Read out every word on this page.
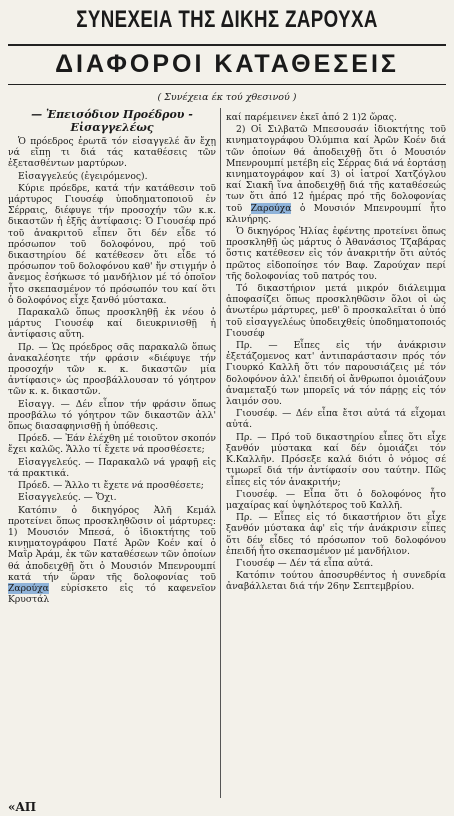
ΣΥΝΕΧΕΙΑ ΤΗΣ ΔΙΚΗΣ ΖΑΡΟΥΧΑ
ΔΙΑΦΟΡΟΙ ΚΑΤΑΘΕΣΕΙΣ
( Συνέχεια έκ τού χθεσινού )

— Ἐπεισόδιον Προέδρου - Εἰσαγγελέως

Ὁ πρόεδρος ἐρωτᾶ τόν εἰσαγγελέ ἄν ἔχῃ νά εἴπῃ τι διά τάς καταθέσεις τῶν ἐξετασθέντων μαρτύρων.

Εἰσαγγελεύς (ἐγειρόμενος).

Κύριε πρόεδρε, κατά τήν κατάθεσιν τοῦ μάρτυρος Γιουσέφ ὑποδηματοποιοῦ ἐν Σέρραις, διέφυγε τήν προσοχήν τῶν κ.κ. δικαστῶν ἡ ἑξῆς ἀντίφασις: Ὁ Γιουσέφ πρό τοῦ ἀνακριτοῦ εἶπεν ὅτι δέν εἶδε τό πρόσωπον τοῦ δολοφόνου, πρό τοῦ δικαστηρίου δέ κατέθεσεν ὅτι εἶδε τό πρόσωπον τοῦ δολοφόνου καθ' ἥν στιγμήν ὁ ἄνεμος ἐσήκωσε τό μανδήλιον μέ τό ὁποῖον ἦτο σκεπασμένον τό πρόσωπόν του καί ὅτι ὁ δολοφόνος εἶχε ξανθό μύστακα.

Παρακαλῶ ὅπως προσκληθῇ ἐκ νέου ὁ μάρτυς Γιουσέφ καί διευκρινισθῇ ἡ ἀντίφασις αὕτη.

Πρ. — Ὡς πρόεδρος σᾶς παρακαλῶ ὅπως ἀνακαλέσητε τήν φράσιν «διέφυγε τήν προσοχήν τῶν κ. κ. δικαστῶν μία ἀντίφασις» ὡς προσβάλλουσαν τό γόητρον τῶν κ. κ. δικαστῶν.

Εἰσαγγ. — Δέν εἶπον τήν φράσιν ὅπως προσβάλω τό γόητρον τῶν δικαστῶν ἀλλ' ὅπως διασαφηνισθῇ ἡ ὑπόθεσις.

Πρόεδ. — Ἐάν ἐλέχθη μέ τοιοῦτον σκοπόν ἔχει καλῶς. Ἄλλο τί ἔχετε νά προσθέσετε;

Εἰσαγγελεύς. — Παρακαλῶ νά γραφῇ εἰς τά πρακτικά.

Πρόεδ. — Ἄλλο τι ἔχετε νά προσθέσετε;

Εἰσαγγελεύς. — Ὄχι.

Κατόπιν ὁ δικηγόρος Ἀλῆ Κεμάλ προτείνει ὅπως προσκληθῶσιν οἱ μάρτυρες: 1) Μουσιόν Μπεσά, ὁ ἰδιοκτήτης τοῦ κινηματογράφου Πατέ Ἀρῶν Κοέν καί ὁ Μαῒρ Ἀράμ, ἐκ τῶν καταθέσεων τῶν ὁποίων θά ἀποδειχθῇ ὅτι ὁ Μουσιόν Μπενρουμπί κατά τήν ὥραν τῆς δολοφονίας τοῦ Ζαρούχα εὑρίσκετο εἰς τό καφενεῖον Κρυστάλ

καί παρέμεινεν ἐκεῖ ἀπό 2 1)2 ὥρας.

2) Οἱ Σιλβατῶ Μπεσουσάν ἰδιοκτήτης τοῦ κινηματογράφου Ὀλύμπια καί Ἀρῶν Κοέν διά τῶν ὁποίων θά ἀποδειχθῇ ὅτι ὁ Μουσιόν Μπενρουμπί μετέβη εἰς Σέρρας διά νά ἐορτάσῃ κινηματογράφον καί 3) οἱ ἰατροί Χατζόγλου καί Σιακῆ ἵνα ἀποδειχθῇ διά τῆς καταθέσεώς των ὅτι ἀπό 12 ἡμέρας πρό τῆς δολοφονίας τοῦ Ζαρούχα ὁ Μουσιόν Μπενρουμπί ἦτο κλινήρης.

Ὁ δικηγόρος Ἠλίας ἐφέντης προτείνει ὅπως προσκληθῇ ὡς μάρτυς ὁ Ἀθανάσιος Τζαβάρας ὅστις κατέθεσεν εἰς τόν ἀνακριτήν ὅτι αὐτός πρῶτος εἰδοποίησε τόν Βαφ. Ζαρούχαν περί τῆς δολοφονίας τοῦ πατρός του.

Τό δικαστήριον μετά μικρόν διάλειμμα ἀποφασίζει ὅπως προσκληθῶσιν ὅλοι οἱ ὡς ἀνωτέρω μάρτυρες, μεθ' ὃ προσκαλεῖται ὁ ὑπό τοῦ εἰσαγγελέως ὑποδειχθείς ὑποδηματοποιός Γιουσέφ

Πρ. — Εἶπες εἰς τήν ἀνάκρισιν ἐξετάζομενος κατ' ἀντιπαράστασιν πρός τόν Γιουρκό Καλλῆ ὅτι τόν παρουσιάζεις μέ τόν δολοφόνον ἀλλ' ἐπειδή οἱ ἄνθρωποι ὁμοιάζουν ἀναμεταξύ των μπορεῖς νά τόν πάρῃς εἰς τόν λαιμόν σου.

Γιουσέφ. — Δέν εἶπα ἔτσι αὐτά τά εἶχομαι αὐτά.

Πρ. — Πρό τοῦ δικαστηρίου εἶπες ὅτι εἶχε ξανθόν μύστακα καί δέν ὁμοιάζει τόν Κ.Καλλῆν. Πρόσεξε καλά διότι ὁ νόμος σέ τιμωρεῖ διά τήν ἀντίφασίν σου ταύτην. Πῶς εἶπες εἰς τόν ἀνακριτήν;

Γιουσέφ. — Εἶπα ὅτι ὁ δολοφόνος ἦτο μαχαίρας καί ὑψηλότερος τοῦ Καλλῆ.

Πρ. — Εἶπες εἰς τό δικαστήριον ὅτι εἶχε ξανθόν μύστακα ἀφ' εἰς τήν ἀνάκρισιν εἶπες ὅτι δέν εἶδες τό πρόσωπον τοῦ δολοφόνου ἐπειδή ἦτο σκεπασμένον μέ μανδήλιον.

Γιουσέφ — Δέν τά εἶπα αὐτά.

Κατόπιν τούτου ἀποσυρθέντος ἡ συνεδρία ἀναβάλλεται διά τήν 26ην Σεπτεμβρίου.

«ΑΠ
